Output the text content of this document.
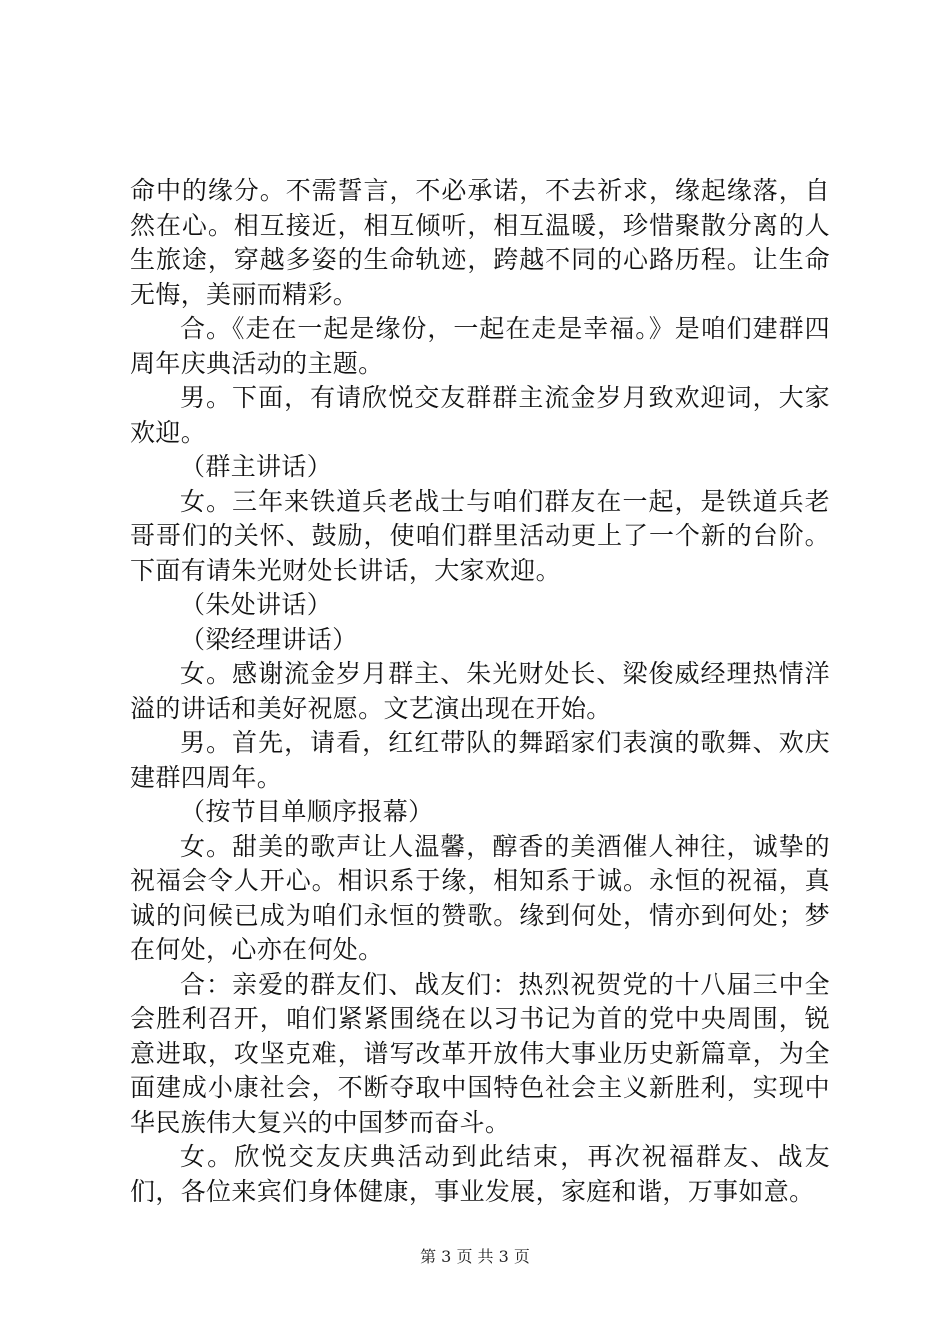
命中的缘分。不需誓言，不必承诺，不去祈求，缘起缘落，自然在心。相互接近，相互倾听，相互温暖，珍惜聚散分离的人生旅途，穿越多姿的生命轨迹，跨越不同的心路历程。让生命无悔，美丽而精彩。

合。《走在一起是缘份，一起在走是幸福。》是咱们建群四周年庆典活动的主题。

男。下面，有请欣悦交友群群主流金岁月致欢迎词，大家欢迎。

（群主讲话）

女。三年来铁道兵老战士与咱们群友在一起，是铁道兵老哥哥们的关怀、鼓励，使咱们群里活动更上了一个新的台阶。下面有请朱光财处长讲话，大家欢迎。

（朱处讲话）

（梁经理讲话）

女。感谢流金岁月群主、朱光财处长、梁俊威经理热情洋溢的讲话和美好祝愿。文艺演出现在开始。

男。首先，请看，红红带队的舞蹈家们表演的歌舞、欢庆建群四周年。

（按节目单顺序报幕）

女。甜美的歌声让人温馨，醇香的美酒催人神往，诚挚的祝福会令人开心。相识系于缘，相知系于诚。永恒的祝福，真诚的问候已成为咱们永恒的赞歌。缘到何处，情亦到何处；梦在何处，心亦在何处。

合：亲爱的群友们、战友们：热烈祝贺党的十八届三中全会胜利召开，咱们紧紧围绕在以习书记为首的党中央周围，锐意进取，攻坚克难，谱写改革开放伟大事业历史新篇章，为全面建成小康社会，不断夺取中国特色社会主义新胜利，实现中华民族伟大复兴的中国梦而奋斗。

女。欣悦交友庆典活动到此结束，再次祝福群友、战友们，各位来宾们身体健康，事业发展，家庭和谐，万事如意。

第 3 页 共 3 页
